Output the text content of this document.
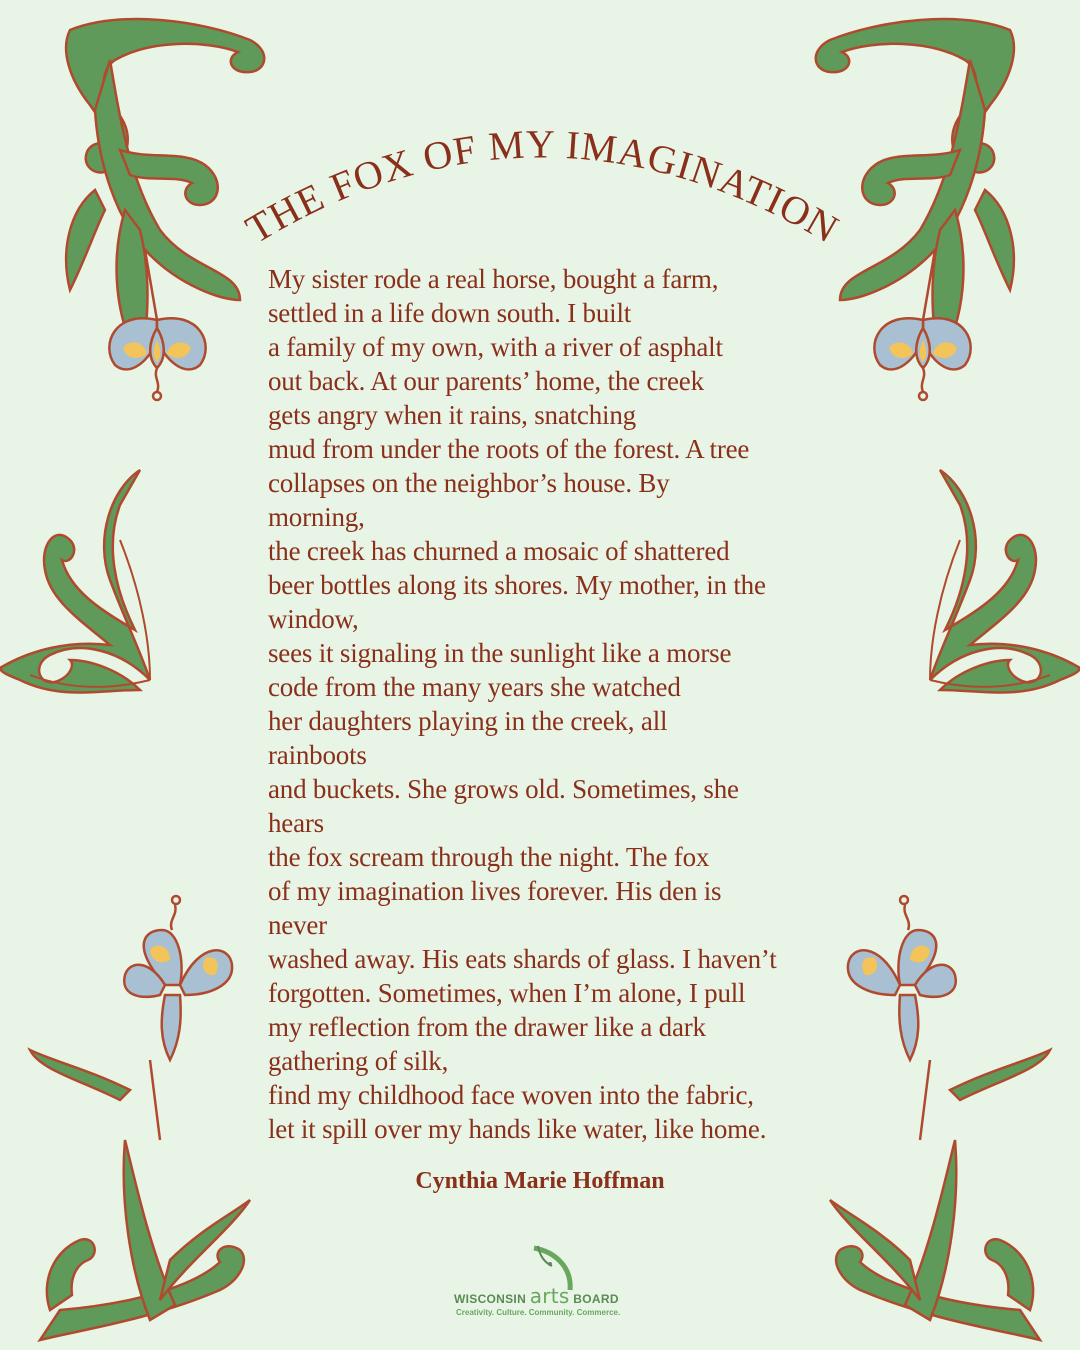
THE FOX OF MY IMAGINATION
My sister rode a real horse, bought a farm,
settled in a life down south. I built
a family of my own, with a river of asphalt
out back. At our parents’ home, the creek
gets angry when it rains, snatching
mud from under the roots of the forest. A tree
collapses on the neighbor’s house. By
morning,
the creek has churned a mosaic of shattered
beer bottles along its shores. My mother, in the
window,
sees it signaling in the sunlight like a morse
code from the many years she watched
her daughters playing in the creek, all
rainboots
and buckets. She grows old. Sometimes, she
hears
the fox scream through the night. The fox
of my imagination lives forever. His den is
never
washed away. His eats shards of glass. I haven’t
forgotten. Sometimes, when I’m alone, I pull
my reflection from the drawer like a dark
gathering of silk,
find my childhood face woven into the fabric,
let it spill over my hands like water, like home.
Cynthia Marie Hoffman
WISCONSIN arts BOARD
Creativity. Culture. Community. Commerce.
